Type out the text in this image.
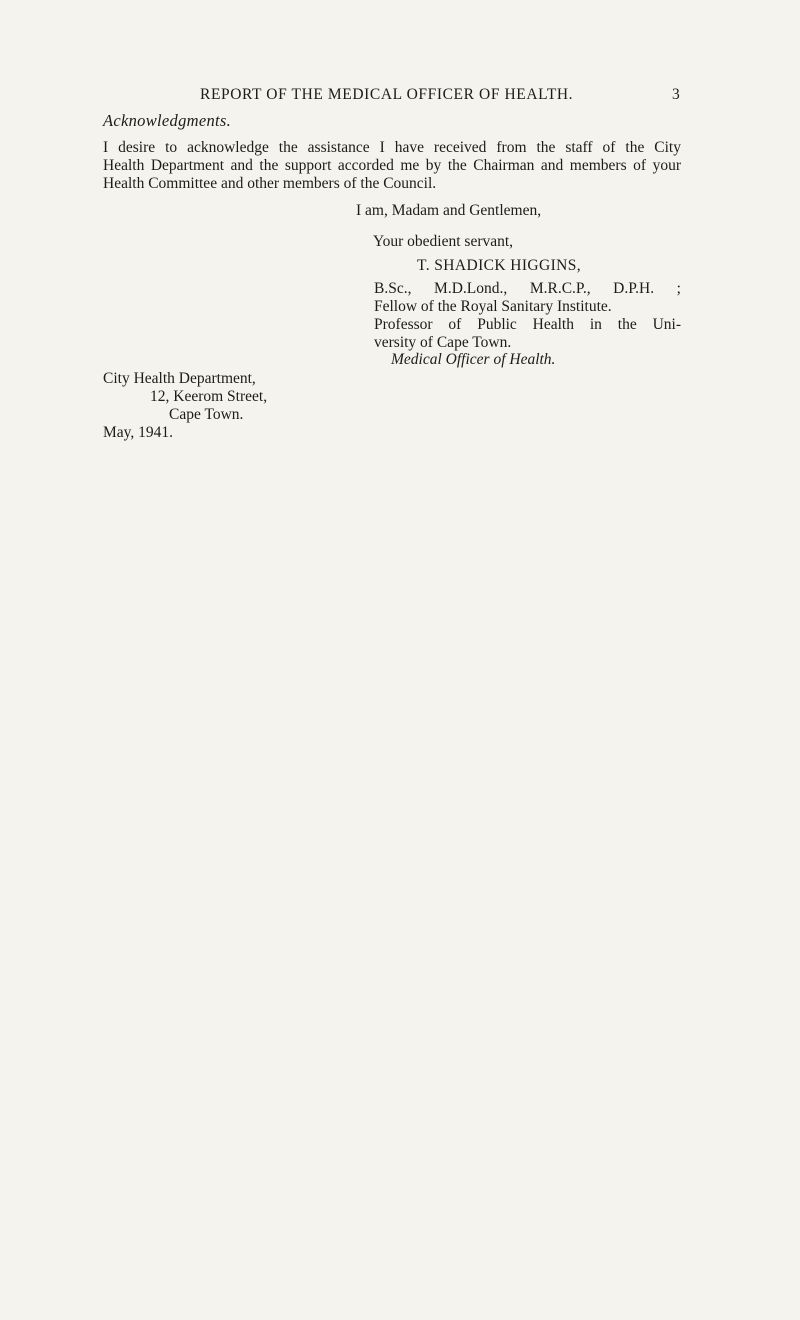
REPORT OF THE MEDICAL OFFICER OF HEALTH.	3
Acknowledgments.

I desire to acknowledge the assistance I have received from the staff of the City
Health Department and the support accorded me by the Chairman and members of your
Health Committee and other members of the Council.

I am, Madam and Gentlemen,
Your obedient servant,
T. SHADICK HIGGINS,
B.Sc., M.D.Lond., M.R.C.P., D.P.H. ;
Fellow of the Royal Sanitary Institute.
Professor of Public Health in the Uni-
versity of Cape Town.
Medical Officer of Health.
City Health Department,
12, Keerom Street,
Cape Town.
May, 1941.
